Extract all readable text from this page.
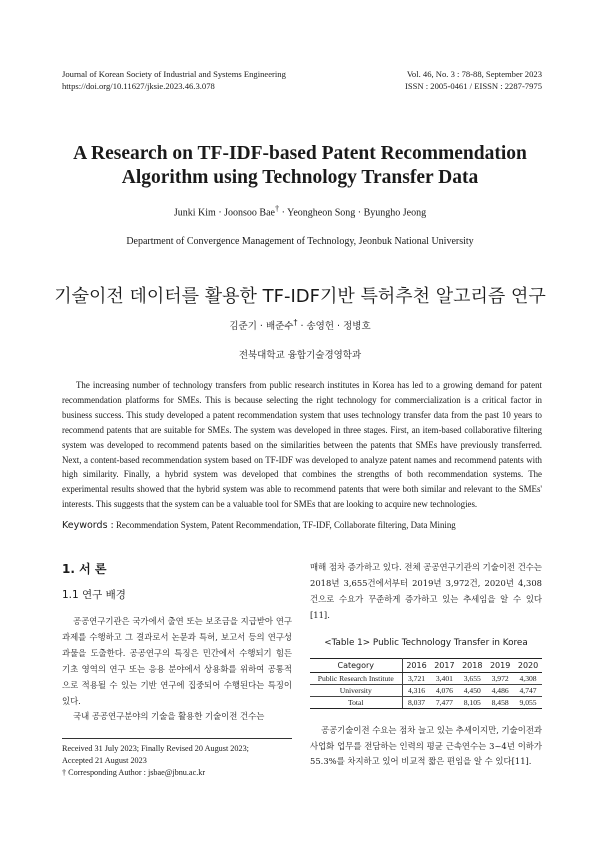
Journal of Korean Society of Industrial and Systems Engineering
https://doi.org/10.11627/jksie.2023.46.3.078
Vol. 46, No. 3 : 78-88, September 2023
ISSN : 2005-0461 / EISSN : 2287-7975
A Research on TF-IDF-based Patent Recommendation
Algorithm using Technology Transfer Data
Junki Kim · Joonsoo Bae† · Yeongheon Song · Byungho Jeong
Department of Convergence Management of Technology, Jeonbuk National University
기술이전 데이터를 활용한 TF-IDF기반 특허추천 알고리즘 연구
김준기 · 배준수† · 송영헌 · 정병호
전북대학교 융합기술경영학과
The increasing number of technology transfers from public research institutes in Korea has led to a growing demand for patent recommendation platforms for SMEs. This is because selecting the right technology for commercialization is a critical factor in business success. This study developed a patent recommendation system that uses technology transfer data from the past 10 years to recommend patents that are suitable for SMEs. The system was developed in three stages. First, an item-based collaborative filtering system was developed to recommend patents based on the similarities between the patents that SMEs have previously transferred. Next, a content-based recommendation system based on TF-IDF was developed to analyze patent names and recommend patents with high similarity. Finally, a hybrid system was developed that combines the strengths of both recommendation systems. The experimental results showed that the hybrid system was able to recommend patents that were both similar and relevant to the SMEs' interests. This suggests that the system can be a valuable tool for SMEs that are looking to acquire new technologies.
Keywords : Recommendation System, Patent Recommendation, TF-IDF, Collaborate filtering, Data Mining
1. 서 론
1.1 연구 배경

공공연구기관은 국가에서 출연 또는 보조금을 지급받아 연구과제를 수행하고 그 결과로서 논문과 특허, 보고서 등의 연구성과물을 도출한다. 공공연구의 특징은 민간에서 수행되기 힘든 기초 영역의 연구 또는 응용 분야에서 상용화를 위하여 공통적으로 적용될 수 있는 기반 연구에 집중되어 수행된다는 특징이 있다.

국내 공공연구분야의 기술을 활용한 기술이전 건수는

Received 31 July 2023; Finally Revised 20 August 2023;
Accepted 21 August 2023
† Corresponding Author : jsbae@jbnu.ac.kr

매해 점차 증가하고 있다. 전체 공공연구기관의 기술이전 건수는 2018년 3,655건에서부터 2019년 3,972건, 2020년 4,308건으로 수요가 꾸준하게 증가하고 있는 추세임을 알 수 있다[11].

<Table 1> Public Technology Transfer in Korea
Category	2016	2017	2018	2019	2020
Public Research Institute	3,721	3,401	3,655	3,972	4,308
University	4,316	4,076	4,450	4,486	4,747
Total	8,037	7,477	8,105	8,458	9,055

공공기술이전 수요는 점차 늘고 있는 추세이지만, 기술이전과 사업화 업무를 전담하는 인력의 평균 근속연수는 3~4년 이하가 55.3%를 차지하고 있어 비교적 짧은 편임을 알 수 있다[11].
